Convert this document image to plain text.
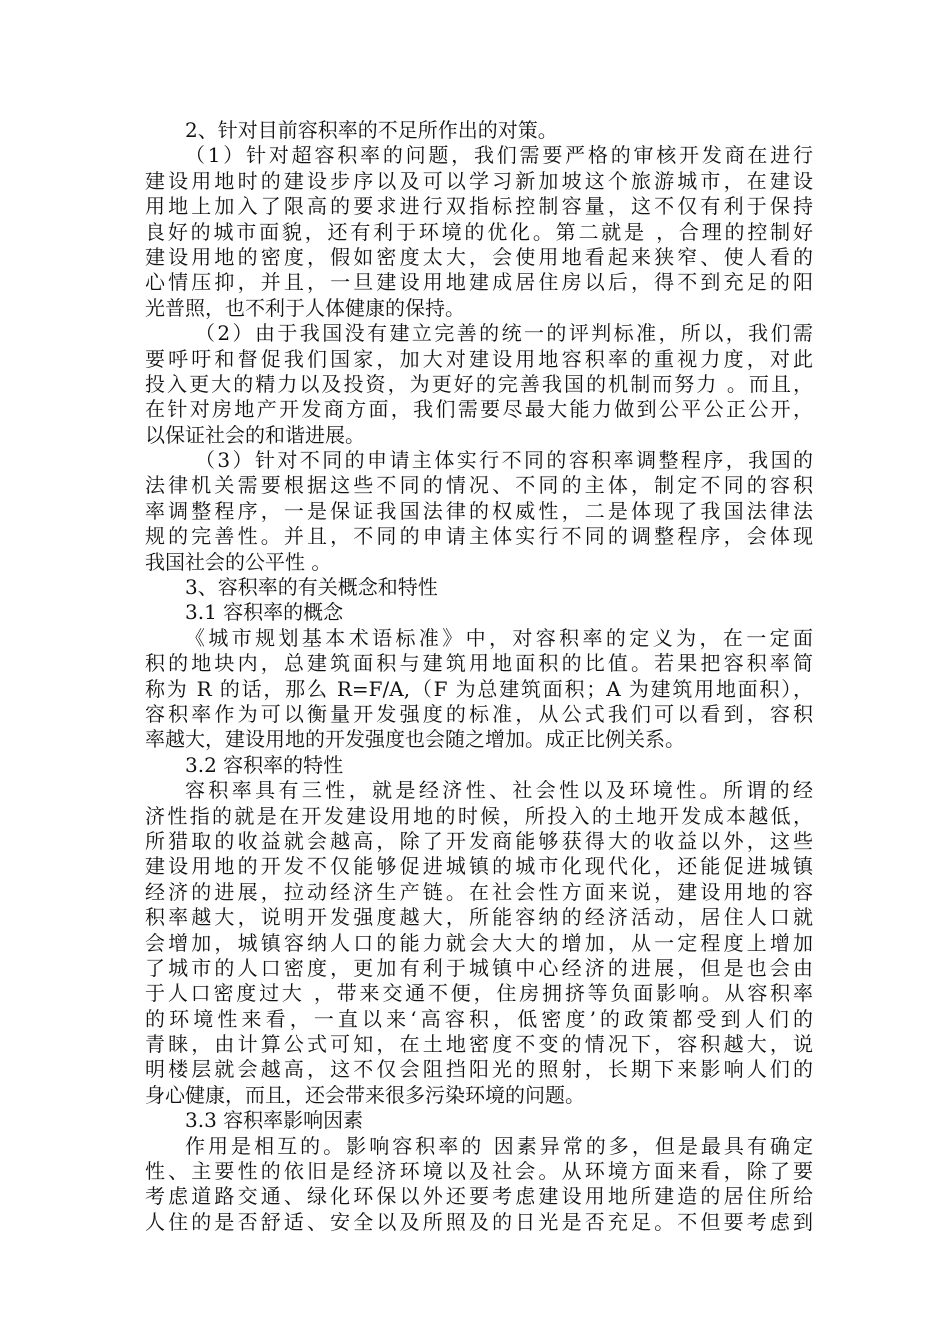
2、针对目前容积率的不足所作出的对策。
（1）针对超容积率的问题，我们需要严格的审核开发商在进行
建设用地时的建设步序以及可以学习新加坡这个旅游城市，在建设
用地上加入了限高的要求进行双指标控制容量，这不仅有利于保持
良好的城市面貌，还有利于环境的优化。第二就是 ，合理的控制好
建设用地的密度，假如密度太大，会使用地看起来狭窄、使人看的
心情压抑，并且，一旦建设用地建成居住房以后，得不到充足的阳
光普照，也不利于人体健康的保持。
（2）由于我国没有建立完善的统一的评判标准，所以，我们需
要呼吁和督促我们国家，加大对建设用地容积率的重视力度，对此
投入更大的精力以及投资，为更好的完善我国的机制而努力 。而且，
在针对房地产开发商方面，我们需要尽最大能力做到公平公正公开，
以保证社会的和谐进展。
（3）针对不同的申请主体实行不同的容积率调整程序，我国的
法律机关需要根据这些不同的情况、不同的主体，制定不同的容积
率调整程序，一是保证我国法律的权威性，二是体现了我国法律法
规的完善性。并且，不同的申请主体实行不同的调整程序，会体现
我国社会的公平性 。
3、容积率的有关概念和特性
3.1 容积率的概念
《城市规划基本术语标准》中，对容积率的定义为，在一定面
积的地块内，总建筑面积与建筑用地面积的比值。若果把容积率简
称为 R 的话，那么 R=F/A,（F 为总建筑面积；A 为建筑用地面积），
容积率作为可以衡量开发强度的标准，从公式我们可以看到，容积
率越大，建设用地的开发强度也会随之增加。成正比例关系。
3.2 容积率的特性
容积率具有三性，就是经济性、社会性以及环境性。所谓的经
济性指的就是在开发建设用地的时候，所投入的土地开发成本越低，
所猎取的收益就会越高，除了开发商能够获得大的收益以外，这些
建设用地的开发不仅能够促进城镇的城市化现代化，还能促进城镇
经济的进展，拉动经济生产链。在社会性方面来说，建设用地的容
积率越大，说明开发强度越大，所能容纳的经济活动，居住人口就
会增加，城镇容纳人口的能力就会大大的增加，从一定程度上增加
了城市的人口密度，更加有利于城镇中心经济的进展，但是也会由
于人口密度过大 ，带来交通不便，住房拥挤等负面影响。从容积率
的环境性来看，一直以来‘高容积，低密度’的政策都受到人们的
青睐，由计算公式可知，在土地密度不变的情况下，容积越大，说
明楼层就会越高，这不仅会阻挡阳光的照射，长期下来影响人们的
身心健康，而且，还会带来很多污染环境的问题。
3.3 容积率影响因素
作用是相互的。影响容积率的 因素异常的多，但是最具有确定
性、主要性的依旧是经济环境以及社会。从环境方面来看，除了要
考虑道路交通、绿化环保以外还要考虑建设用地所建造的居住所给
人住的是否舒适、安全以及所照及的日光是否充足。不但要考虑到
